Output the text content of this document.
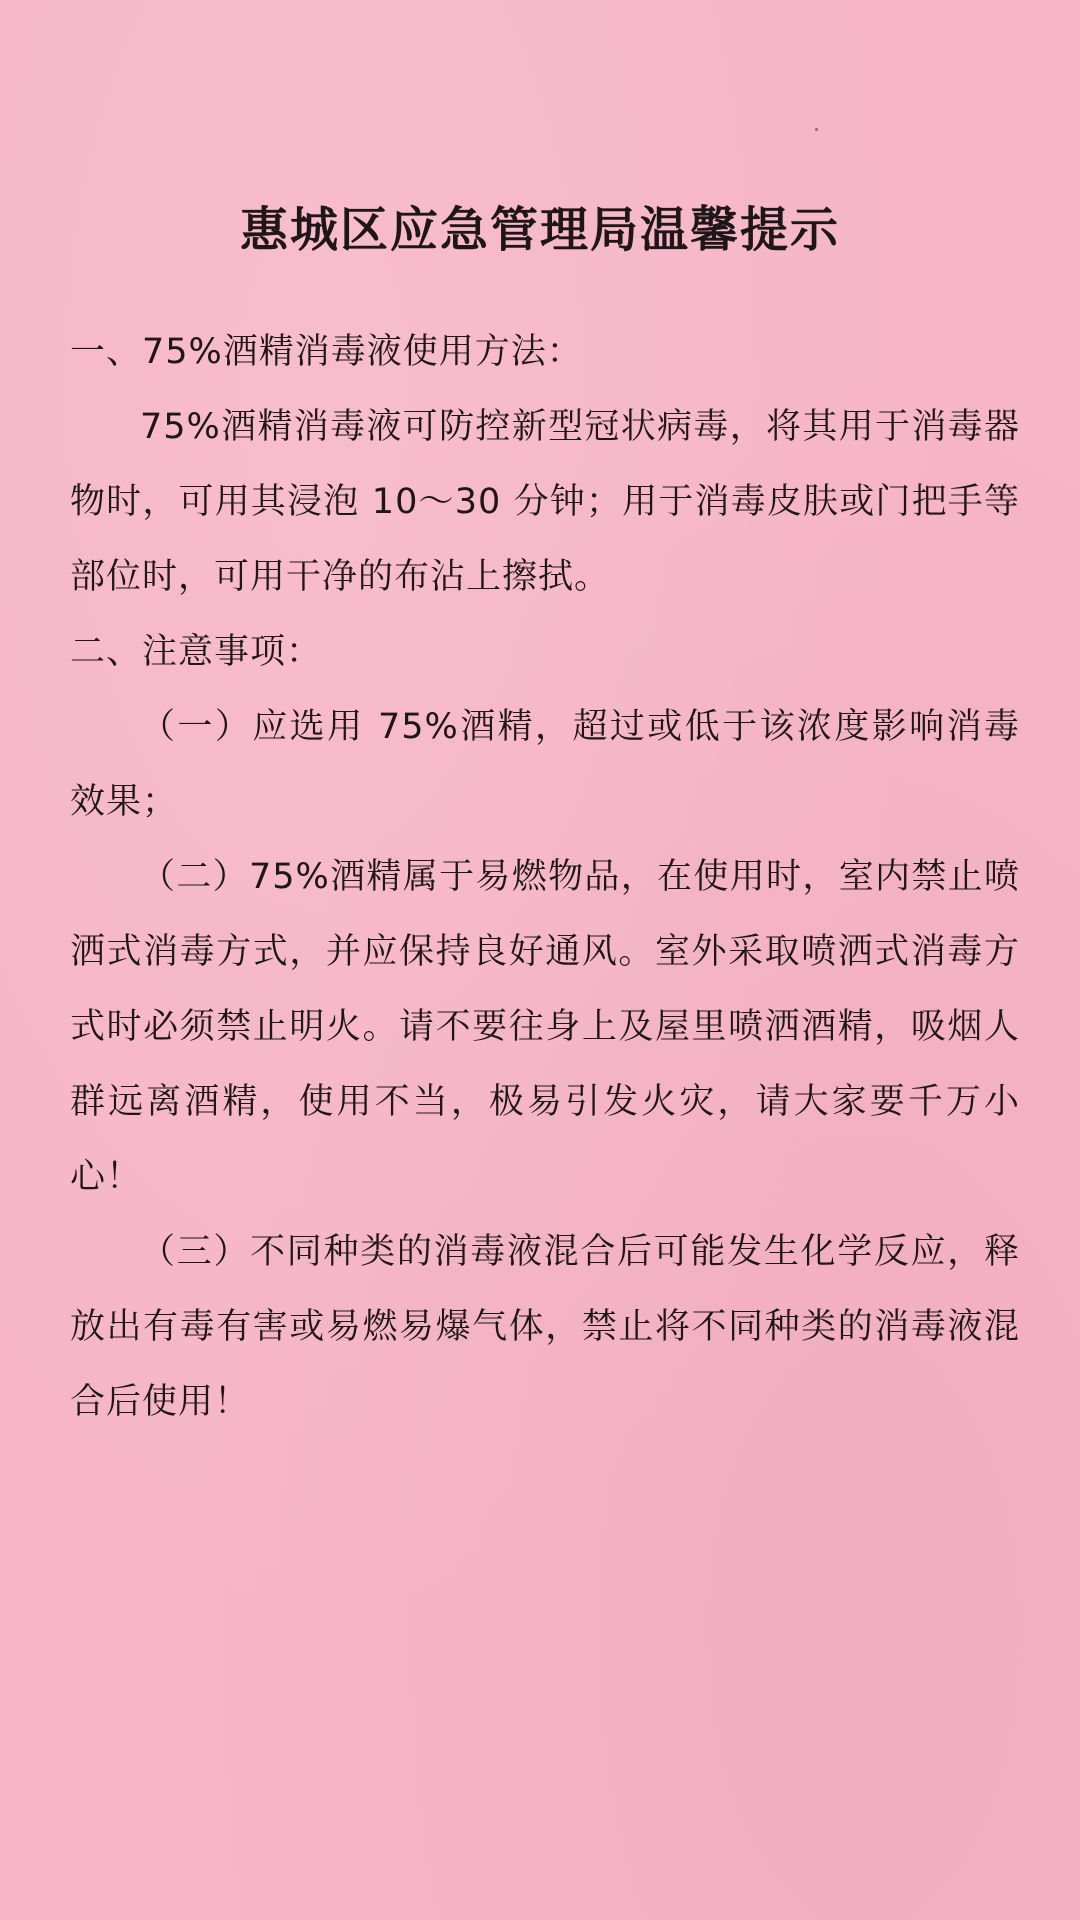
惠城区应急管理局温馨提示

一、75%酒精消毒液使用方法：

75%酒精消毒液可防控新型冠状病毒，将其用于消毒器物时，可用其浸泡 10～30 分钟；用于消毒皮肤或门把手等部位时，可用干净的布沾上擦拭。

二、注意事项：

（一）应选用 75%酒精，超过或低于该浓度影响消毒效果；

（二）75%酒精属于易燃物品，在使用时，室内禁止喷洒式消毒方式，并应保持良好通风。室外采取喷洒式消毒方式时必须禁止明火。请不要往身上及屋里喷洒酒精，吸烟人群远离酒精，使用不当，极易引发火灾，请大家要千万小心！

（三）不同种类的消毒液混合后可能发生化学反应，释放出有毒有害或易燃易爆气体，禁止将不同种类的消毒液混合后使用！
